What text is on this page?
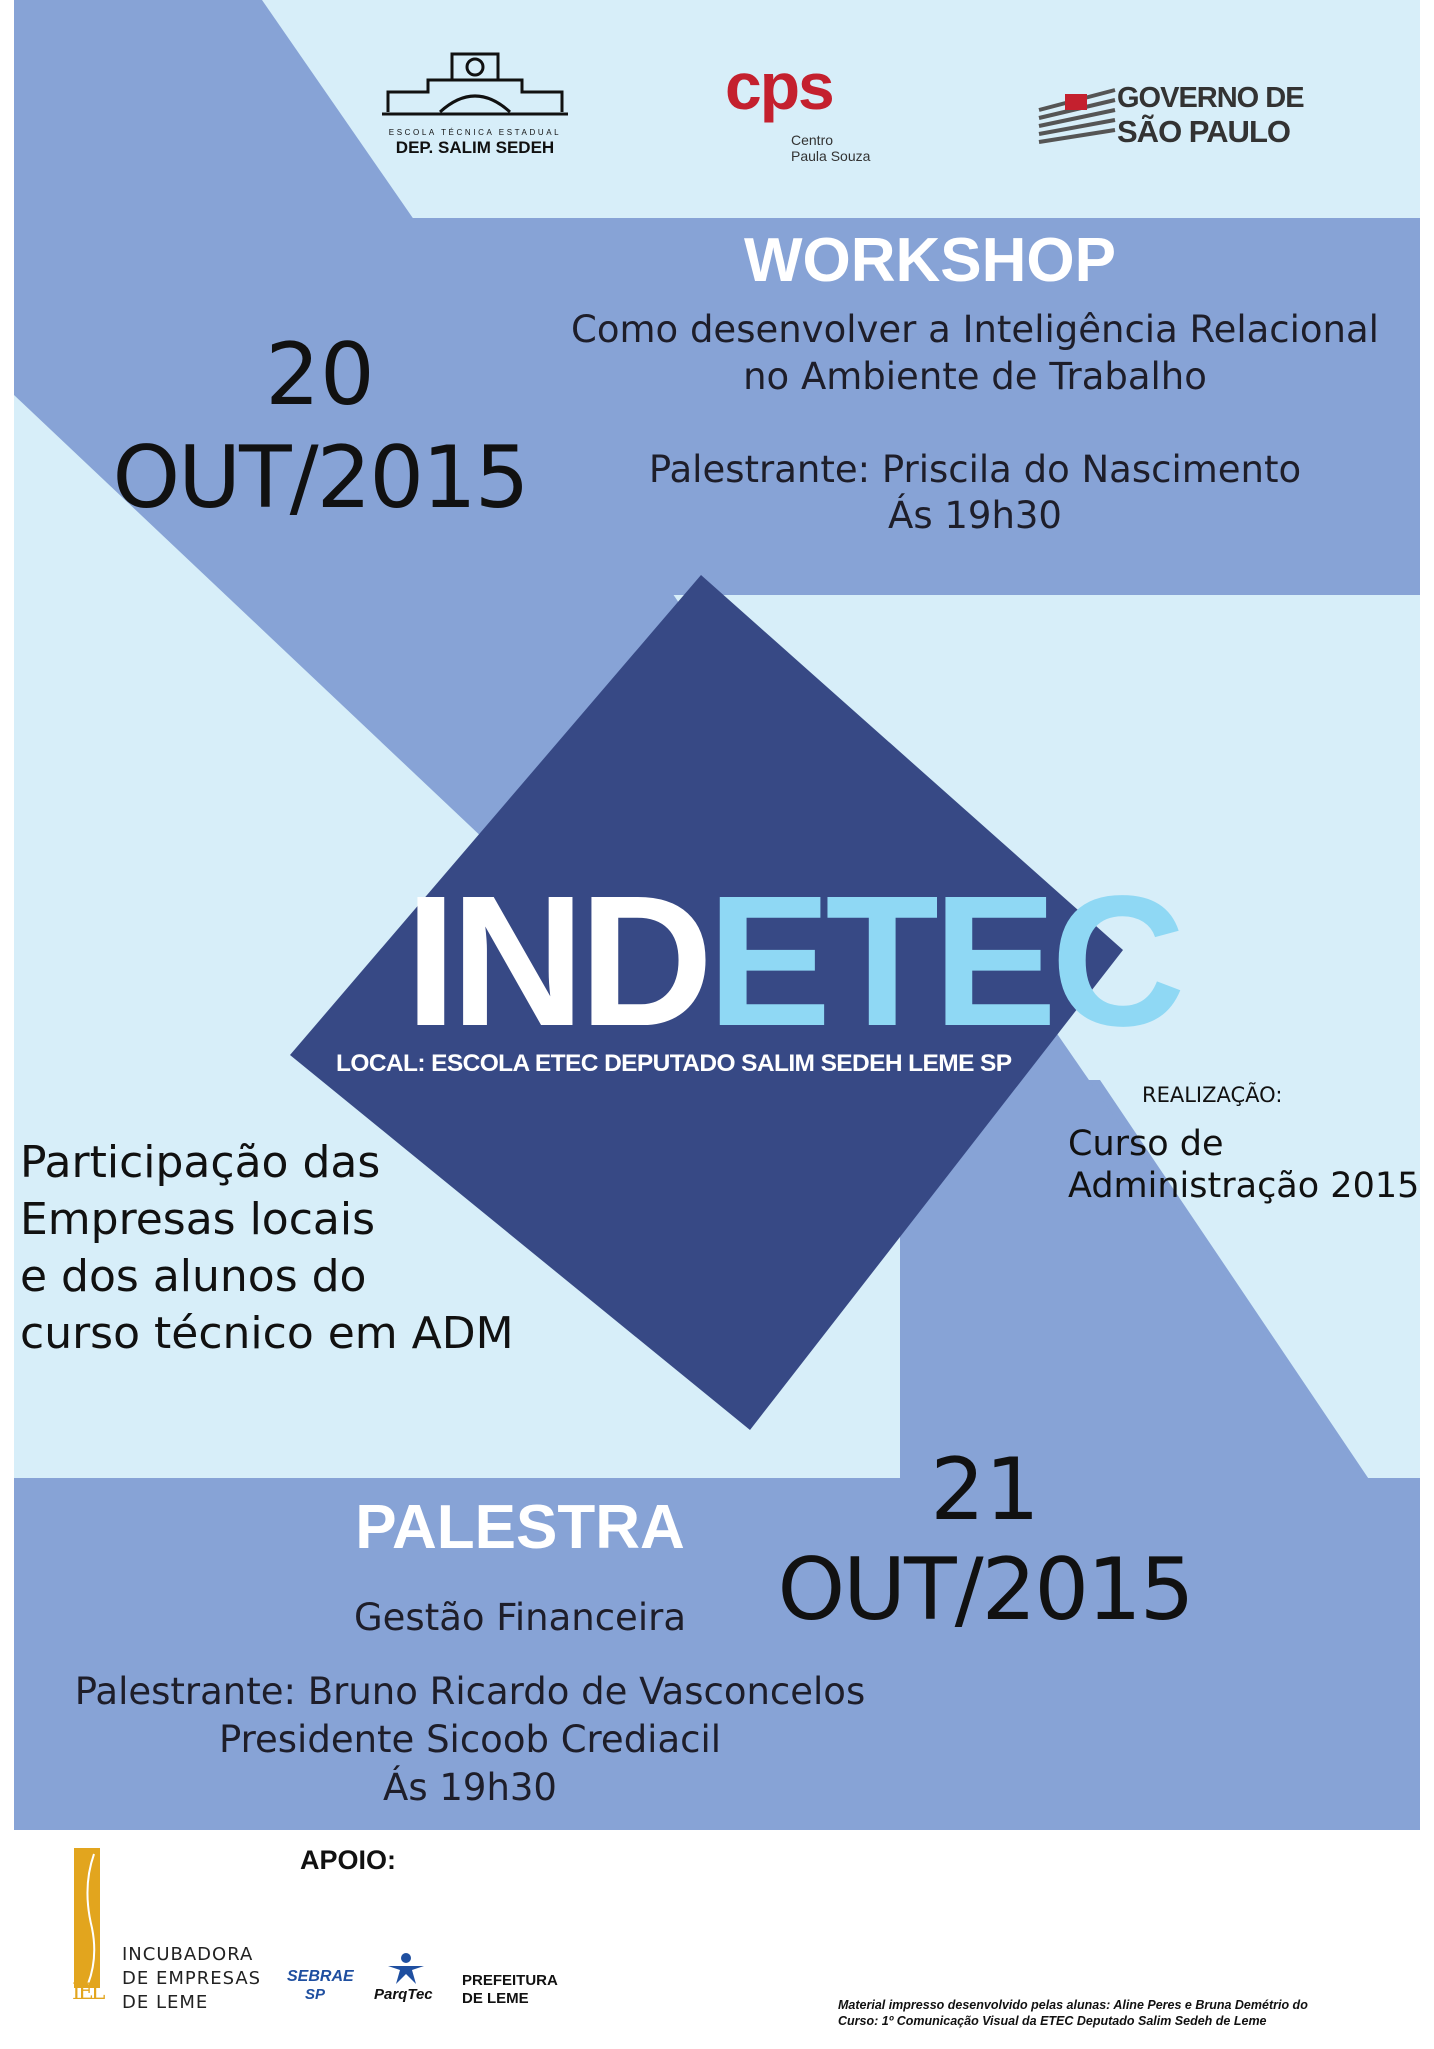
ESCOLA TÉCNICA ESTADUAL
DEP. SALIM SEDEH
cps
Centro
Paula Souza
GOVERNO DE
SÃO PAULO
WORKSHOP
Como desenvolver a Inteligência Relacional
no Ambiente de Trabalho
Palestrante: Priscila do Nascimento
Ás 19h30
20
OUT/2015
INDETEC
LOCAL: ESCOLA ETEC DEPUTADO SALIM SEDEH LEME SP
Participação das
Empresas locais
e dos alunos do
curso técnico em ADM
REALIZAÇÃO:
Curso de
Administração 2015
21
OUT/2015
PALESTRA
Gestão Financeira
Palestrante: Bruno Ricardo de Vasconcelos
Presidente Sicoob Crediacil
Ás 19h30
APOIO:
IEL
INCUBADORA
DE EMPRESAS
DE LEME
SEBRAE
SP	ParqTec
PREFEITURA
DE LEME	Material impresso desenvolvido pelas alunas: Aline Peres e Bruna Demétrio do
Curso: 1º Comunicação Visual da ETEC Deputado Salim Sedeh de Leme
